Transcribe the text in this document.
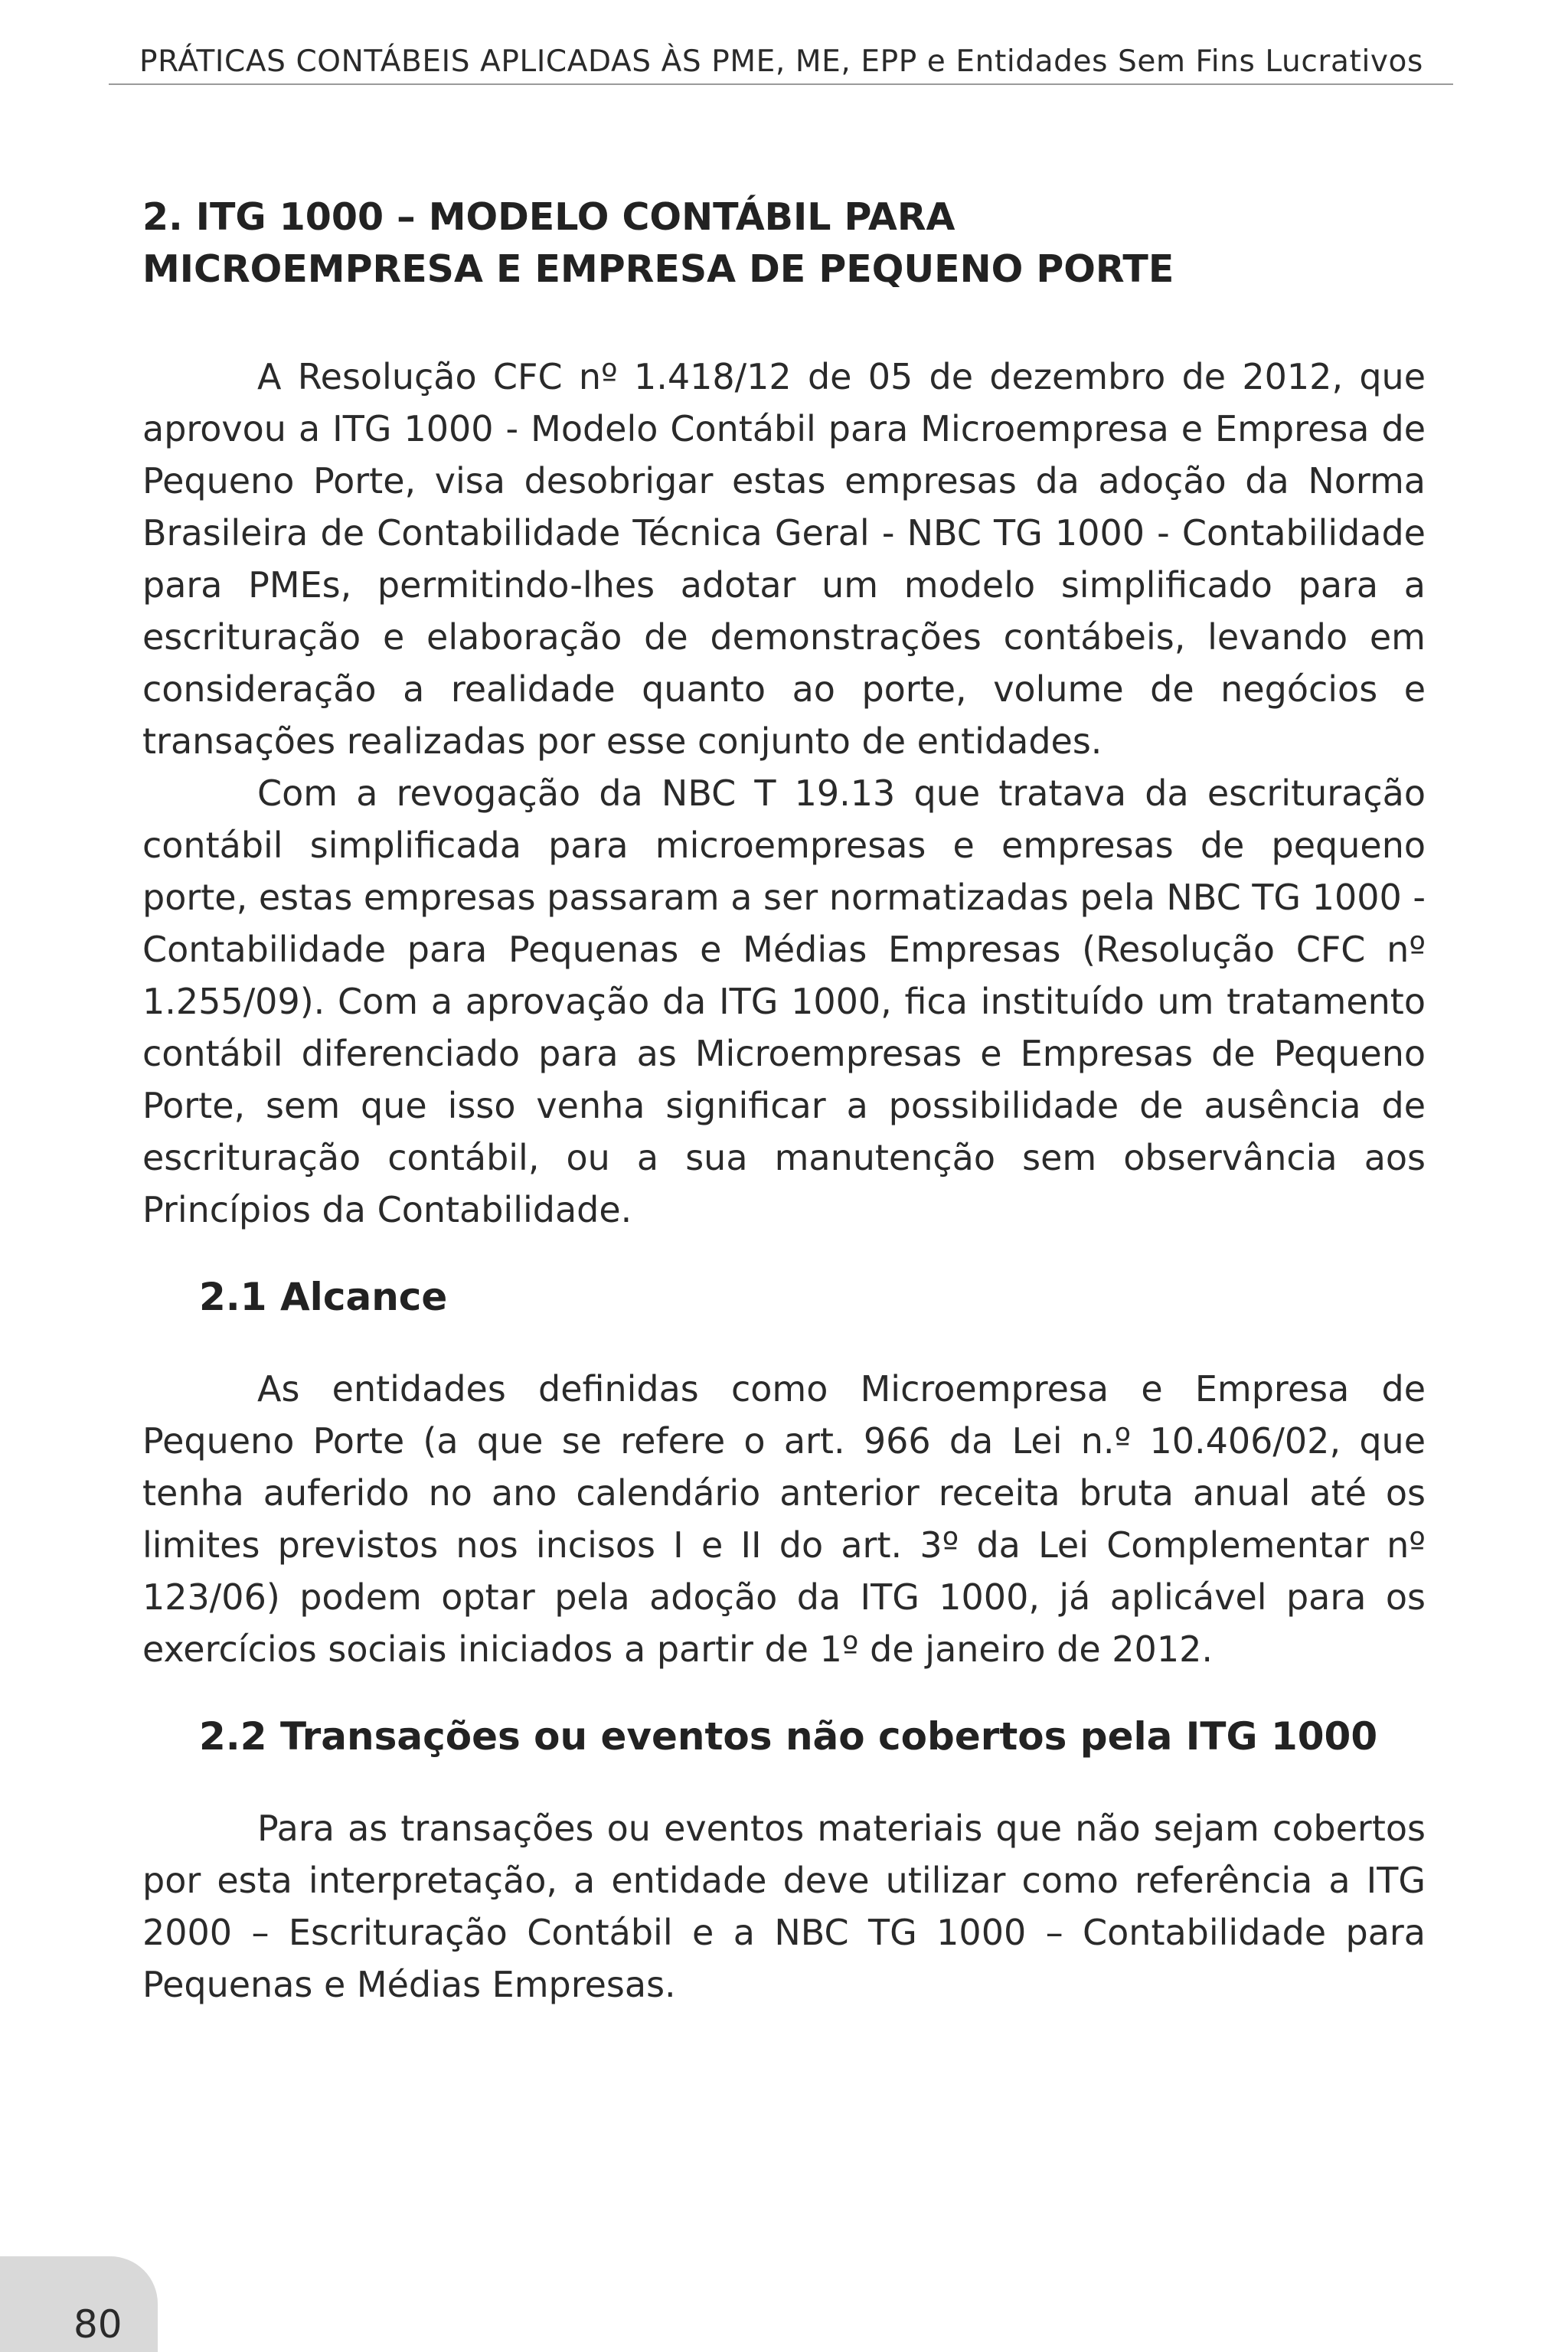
PRÁTICAS CONTÁBEIS APLICADAS ÀS PME, ME, EPP e Entidades Sem Fins Lucrativos
2. ITG 1000 – MODELO CONTÁBIL PARA
MICROEMPRESA E EMPRESA DE PEQUENO PORTE

A Resolução CFC nº 1.418/12 de 05 de dezembro de 2012, que aprovou a ITG 1000 - Modelo Contábil para Microempresa e Empresa de Pequeno Porte, visa desobrigar estas empresas da adoção da Norma Brasileira de Contabilidade Técnica Geral - NBC TG 1000 - Contabilidade para PMEs, permitindo-lhes adotar um modelo simplificado para a escrituração e elaboração de demonstrações contábeis, levando em consideração a realidade quanto ao porte, volume de negócios e transações realizadas por esse conjunto de entidades.

Com a revogação da NBC T 19.13 que tratava da escrituração contábil simplificada para microempresas e empresas de pequeno porte, estas empresas passaram a ser normatizadas pela NBC TG 1000 - Contabilidade para Pequenas e Médias Empresas (Resolução CFC nº 1.255/09). Com a aprovação da ITG 1000, fica instituído um tratamento contábil diferenciado para as Microempresas e Empresas de Pequeno Porte, sem que isso venha significar a possibilidade de ausência de escrituração contábil, ou a sua manutenção sem observância aos Princípios da Contabilidade.

2.1 Alcance

As entidades definidas como Microempresa e Empresa de Pequeno Porte (a que se refere o art. 966 da Lei n.º 10.406/02, que tenha auferido no ano calendário anterior receita bruta anual até os limites previstos nos incisos I e II do art. 3º da Lei Complementar nº 123/06) podem optar pela adoção da ITG 1000, já aplicável para os exercícios sociais iniciados a partir de 1º de janeiro de 2012.

2.2 Transações ou eventos não cobertos pela ITG 1000

Para as transações ou eventos materiais que não sejam cobertos por esta interpretação, a entidade deve utilizar como referência a ITG 2000 – Escrituração Contábil e a NBC TG 1000 – Contabilidade para Pequenas e Médias Empresas.

80
